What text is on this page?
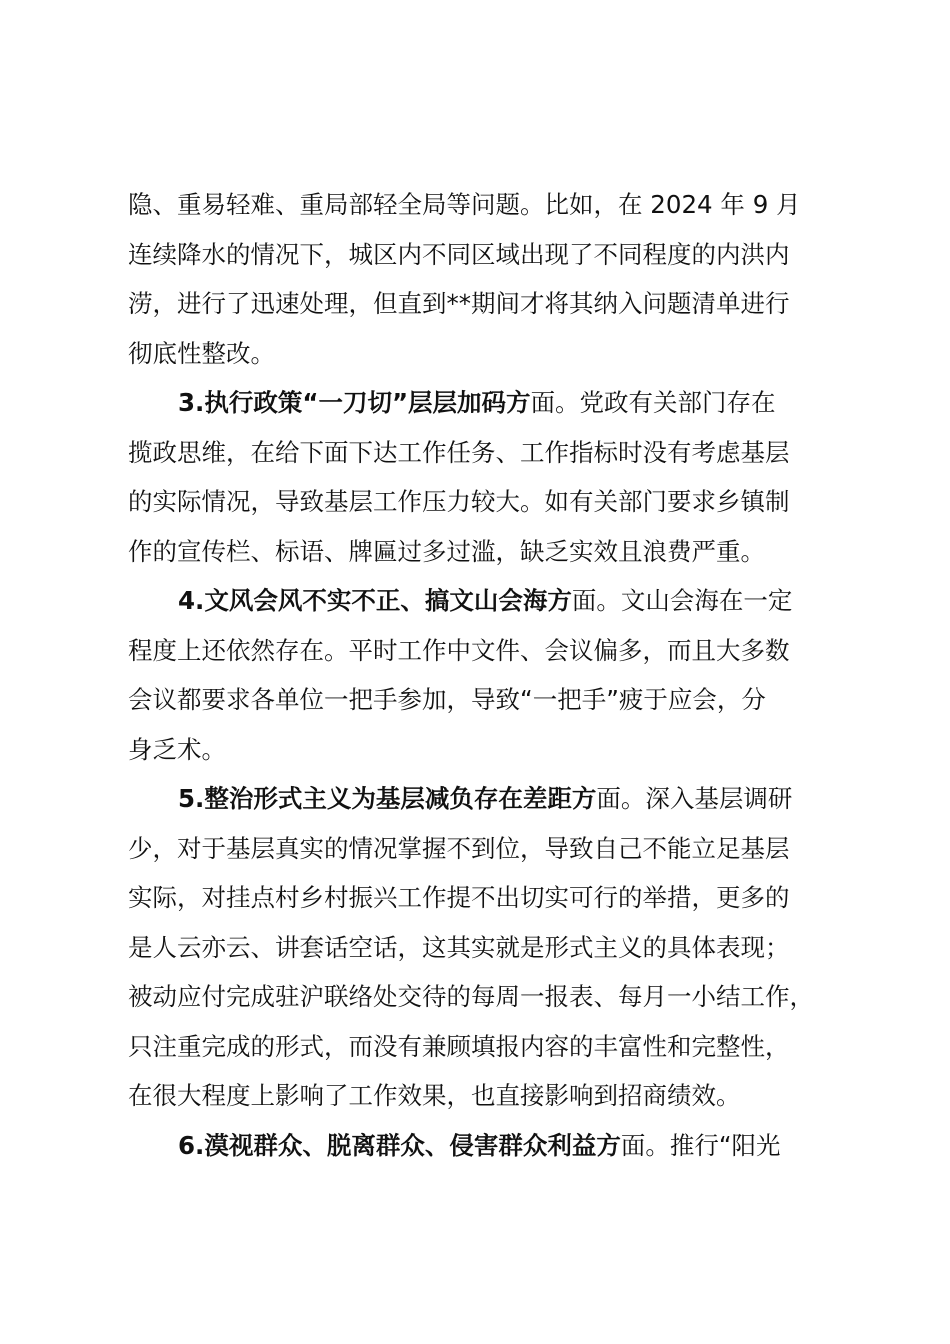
隐、重易轻难、重局部轻全局等问题。比如，在 2024 年 9 月
连续降水的情况下，城区内不同区域出现了不同程度的内洪内
涝，进行了迅速处理，但直到**期间才将其纳入问题清单进行
彻底性整改。
3.执行政策“一刀切”层层加码方面。党政有关部门存在
揽政思维，在给下面下达工作任务、工作指标时没有考虑基层
的实际情况，导致基层工作压力较大。如有关部门要求乡镇制
作的宣传栏、标语、牌匾过多过滥，缺乏实效且浪费严重。
4.文风会风不实不正、搞文山会海方面。文山会海在一定
程度上还依然存在。平时工作中文件、会议偏多，而且大多数
会议都要求各单位一把手参加，导致“一把手”疲于应会，分
身乏术。
5.整治形式主义为基层减负存在差距方面。深入基层调研
少，对于基层真实的情况掌握不到位，导致自己不能立足基层
实际，对挂点村乡村振兴工作提不出切实可行的举措，更多的
是人云亦云、讲套话空话，这其实就是形式主义的具体表现；
被动应付完成驻沪联络处交待的每周一报表、每月一小结工作，
只注重完成的形式，而没有兼顾填报内容的丰富性和完整性，
在很大程度上影响了工作效果，也直接影响到招商绩效。
6.漠视群众、脱离群众、侵害群众利益方面。推行“阳光
